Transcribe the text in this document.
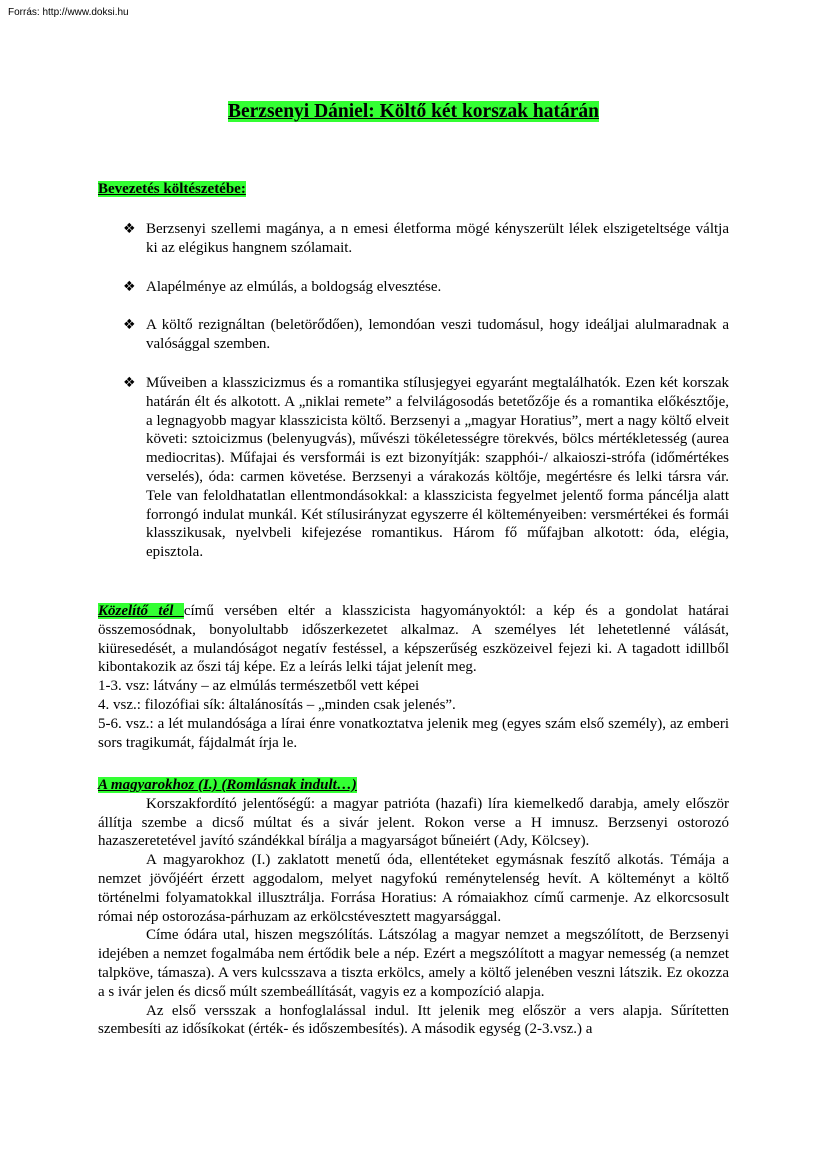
Forrás: http://www.doksi.hu
Berzsenyi Dániel: Költő két korszak határán
Bevezetés költészetébe:
❖ Berzsenyi szellemi magánya, a n emesi életforma mögé kényszerült lélek elszigeteltsége váltja ki az elégikus hangnem szólamait.
❖ Alapélménye az elmúlás, a boldogság elvesztése.
❖ A költő rezignáltan (beletörődően), lemondóan veszi tudomásul, hogy ideáljai alulmaradnak a valósággal szemben.
❖ Műveiben a klasszicizmus és a romantika stílusjegyei egyaránt megtalálhatók. Ezen két korszak határán élt és alkotott. A „niklai remete” a felvilágosodás betetőzője és a romantika előkésztője, a legnagyobb magyar klasszicista költő. Berzsenyi a „magyar Horatius”, mert a nagy költő elveit követi: sztoicizmus (belenyugvás), művészi tökéletességre törekvés, bölcs mértékletesség (aurea mediocritas). Műfajai és versformái is ezt bizonyítják: szapphói-/ alkaioszi-strófa (időmértékes verselés), óda: carmen követése. Berzsenyi a várakozás költője, megértésre és lelki társra vár. Tele van feloldhatatlan ellentmondásokkal: a klasszicista fegyelmet jelentő forma páncélja alatt forrongó indulat munkál. Két stílusirányzat egyszerre él költeményeiben: versmértékei és formái klasszikusak, nyelvbeli kifejezése romantikus. Három fő műfajban alkotott: óda, elégia, episztola.

Közelítő tél című versében eltér a klasszicista hagyományoktól: a kép és a gondolat határai összemosódnak, bonyolultabb időszerkezetet alkalmaz. A személyes lét lehetetlenné válását, kiüresedését, a mulandóságot negatív festéssel, a képszerűség eszközeivel fejezi ki. A tagadott idillből kibontakozik az őszi táj képe. Ez a leírás lelki tájat jelenít meg.

1-3. vsz: látvány – az elmúlás természetből vett képei

4. vsz.: filozófiai sík: általánosítás – „minden csak jelenés”.

5-6. vsz.: a lét mulandósága a lírai énre vonatkoztatva jelenik meg (egyes szám első személy), az emberi sors tragikumát, fájdalmát írja le.

A magyarokhoz (I.) (Romlásnak indult…)

Korszakfordító jelentőségű: a magyar patrióta (hazafi) líra kiemelkedő darabja, amely először állítja szembe a dicső múltat és a sivár jelent. Rokon verse a H imnusz. Berzsenyi ostorozó hazaszeretetével javító szándékkal bírálja a magyarságot bűneiért (Ady, Kölcsey).

A magyarokhoz (I.) zaklatott menetű óda, ellentéteket egymásnak feszítő alkotás. Témája a nemzet jövőjéért érzett aggodalom, melyet nagyfokú reménytelenség hevít. A költeményt a költő történelmi folyamatokkal illusztrálja. Forrása Horatius: A rómaiakhoz című carmenje. Az elkorcsosult római nép ostorozása-párhuzam az erkölcstévesztett magyarsággal.

Címe ódára utal, hiszen megszólítás. Látszólag a magyar nemzet a megszólított, de Berzsenyi idejében a nemzet fogalmába nem értődik bele a nép. Ezért a megszólított a magyar nemesség (a nemzet talpköve, támasza). A vers kulcsszava a tiszta erkölcs, amely a költő jelenében veszni látszik. Ez okozza a s ivár jelen és dicső múlt szembeállítását, vagyis ez a kompozíció alapja.

Az első versszak a honfoglalással indul. Itt jelenik meg először a vers alapja. Sűrítetten szembesíti az idősíkokat (érték- és időszembesítés). A második egység (2-3.vsz.) a
